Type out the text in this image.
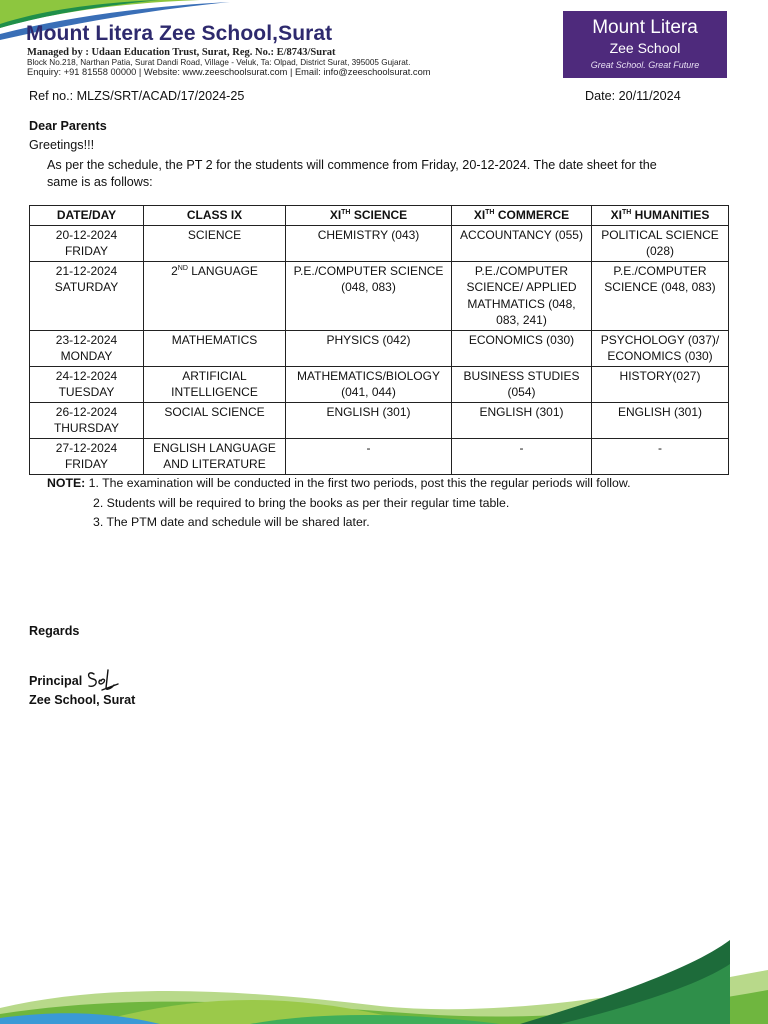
Mount Litera Zee School,Surat
Managed by : Udaan Education Trust, Surat, Reg. No.: E/8743/Surat
Block No.218, Narthan Patia, Surat Dandi Road, Village - Veluk, Ta: Olpad, District Surat, 395005 Gujarat.
Enquiry: +91 81558 00000 | Website: www.zeeschoolsurat.com | Email: info@zeeschoolsurat.com
Mount Litera
Zee School
Great School. Great Future
Ref no.: MLZS/SRT/ACAD/17/2024-25	Date: 20/11/2024
Dear Parents
Greetings!!!
As per the schedule, the PT 2 for the students will commence from Friday, 20-12-2024. The date sheet for the same is as follows:
DATE/DAY	CLASS IX	XITH SCIENCE	XITH COMMERCE	XITH HUMANITIES

20-12-2024
FRIDAY	SCIENCE	CHEMISTRY (043)	ACCOUNTANCY (055)	POLITICAL SCIENCE (028)

21-12-2024
SATURDAY	2ND LANGUAGE	P.E./COMPUTER SCIENCE (048, 083)	P.E./COMPUTER SCIENCE/ APPLIED MATHMATICS (048, 083, 241)	P.E./COMPUTER SCIENCE (048, 083)

23-12-2024
MONDAY	MATHEMATICS	PHYSICS (042)	ECONOMICS (030)	PSYCHOLOGY (037)/ ECONOMICS (030)

24-12-2024
TUESDAY	ARTIFICIAL INTELLIGENCE	MATHEMATICS/BIOLOGY (041, 044)	BUSINESS STUDIES (054)	HISTORY(027)

26-12-2024
THURSDAY	SOCIAL SCIENCE	ENGLISH (301)	ENGLISH (301)	ENGLISH (301)

27-12-2024
FRIDAY	ENGLISH LANGUAGE AND LITERATURE	-	-	-
NOTE: 1. The examination will be conducted in the first two periods, post this the regular periods will follow.
2. Students will be required to bring the books as per their regular time table.
3. The PTM date and schedule will be shared later.
Regards
Principal
Zee School, Surat
